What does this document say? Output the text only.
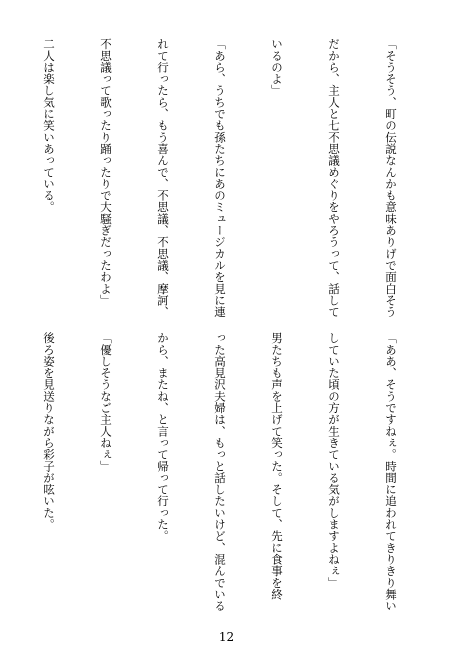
「そうそう、町の伝説なんかも意味ありげで面白そう

だから、主人と七不思議めぐりをやろうって、話して

いるのよ」

「あら、うちでも孫たちにあのミュージカルを見に連

れて行ったら、もう喜んで、不思議、不思議、摩訶、

不思議って歌ったり踊ったりで大騒ぎだったわよ」

二人は楽し気に笑いあっている。

「ああ、そうですねぇ。時間に追われてきりきり舞い

していた頃の方が生きている気がしますよねぇ」

男たちも声を上げて笑った。そして、先に食事を終

った高見沢夫婦は、もっと話したいけど、混んでいる

から、またね、と言って帰って行った。

「優しそうなご主人ねぇ」

後ろ姿を見送りながら彩子が呟いた。

12
